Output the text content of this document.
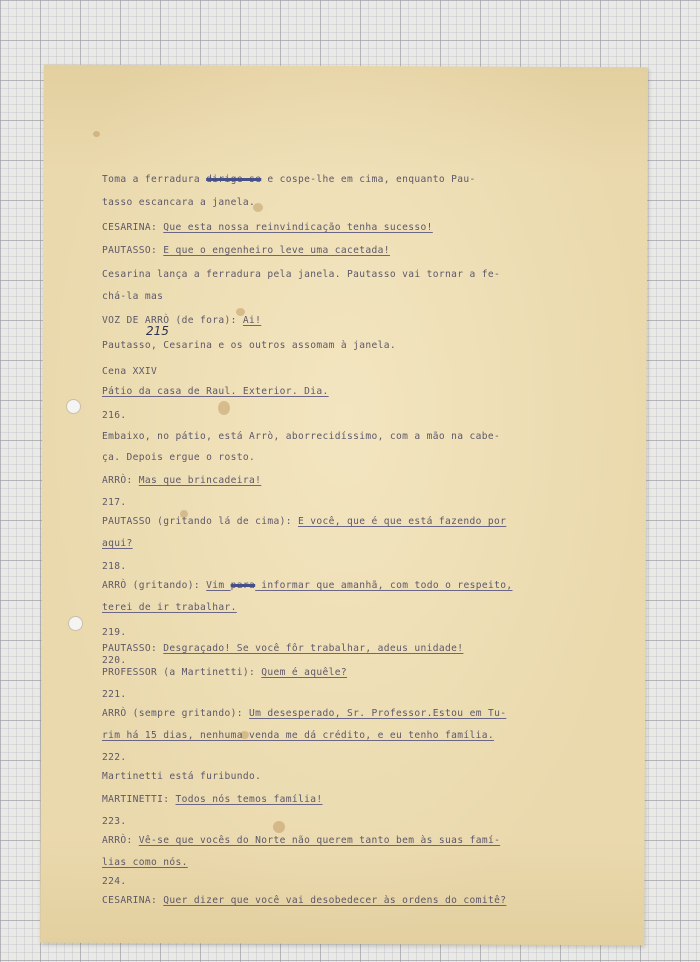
Toma a ferradura dirige-se e cospe-lhe em cima, enquanto Pau-
tasso escancara a janela.
CESARINA: Que esta nossa reinvindicação tenha sucesso!
PAUTASSO: E que o engenheiro leve uma cacetada!
Cesarina lança a ferradura pela janela. Pautasso vai tornar a fe-
chá-la mas
VOZ DE ARRÒ (de fora): Ai!
Pautasso, Cesarina e os outros assomam à janela.
Cena XXIV
Pátio da casa de Raul. Exterior. Dia.
216.
Embaixo, no pátio, está Arrò, aborrecidíssimo, com a mão na cabe-
ça. Depois ergue o rosto.
ARRÒ: Mas que brincadeira!
217.
PAUTASSO (gritando lá de cima): E você, que é que está fazendo por
aqui?
218.
ARRÒ (gritando): Vim para informar que amanhã, com todo o respeito,
terei de ir trabalhar.
219.
PAUTASSO: Desgraçado! Se você fôr trabalhar, adeus unidade!
220.
PROFESSOR (a Martinetti): Quem é aquêle?
221.
ARRÒ (sempre gritando): Um desesperado, Sr. Professor.Estou em Tu-
rim há 15 dias, nenhuma venda me dá crédito, e eu tenho família.
222.
Martinetti está furibundo.
MARTINETTI: Todos nós temos família!
223.
ARRÒ: Vê-se que vocês do Norte não querem tanto bem às suas famí-
lias como nós.
224.
CESARINA: Quer dizer que você vai desobedecer às ordens do comitê?
215
